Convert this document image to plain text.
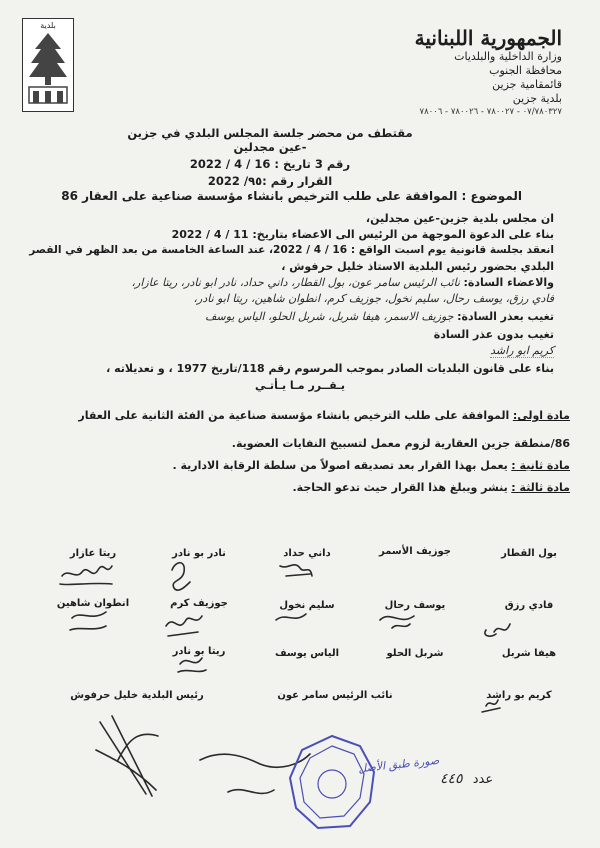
الجمهورية اللبنانية
وزارة الداخلية والبلديات
محافظة الجنوب
قائمقامية جزين
بلدية جزين
٠٧/٧٨٠٣٢٧ - ٧٨٠٠٢٧ - ٧٨٠٠٢٦ - ٧٨٠٠٦
بلدية
مقتطف من محضر جلسة المجلس البلدي في جزين -عين مجدلين
رقم 3 تاريخ : 16 / 4 / 2022
القرار رقم :٩٥/ 2022
الموضوع : الموافقة على طلب الترخيص بانشاء مؤسسة صناعية على العقار 86
ان مجلس بلدية جزين-عين مجدلين،
بناء على الدعوة الموجهة من الرئيس الى الاعضاء بتاريخ: 11 / 4 / 2022
انعقد بجلسة قانونية يوم اسبت الواقع : 16 / 4 / 2022، عند الساعة الخامسة من بعد الظهر في القصر
البلدي بحضور رئيس البلدية الاستاذ خليل حرفوش ،
والاعضاء السادة: نائب الرئيس سامر عون، بول القطار، داني حداد، نادر ابو نادر، ريتا عازار،
فادي رزق، يوسف رحال، سليم نخول، جوزيف كرم، انطوان شاهين، ريتا ابو نادر،
تغيب بعذر السادة: جوزيف الاسمر، هيفا شربل، شربل الحلو، الياس يوسف
تغيب بدون عذر السادة
كريم ابو راشد
بناء على قانون البلديات الصادر بموجب المرسوم رقم 118/تاريخ 1977 ، و تعديلاته ،
يـقــرر مـا يـأتـي
مادة اولى: الموافقة على طلب الترخيص بانشاء مؤسسة صناعية من الفئة الثانية على العقار
86/منطقة جزين العقارية لزوم معمل لتسبيخ النفايات العضوية.
مادة ثانية : يعمل بهذا القرار بعد تصديقه اصولاً من سلطة الرقابة الادارية .
مادة ثالثة : ينشر ويبلغ هذا القرار حيث تدعو الحاجة.
بول القطار
جوزيف الأسمر
داني حداد
نادر بو نادر
ريتا عازار
فادي رزق
يوسف رحال
سليم نخول
جوزيف كرم
انطوان شاهين
هيفا شربل
شربل الحلو
الياس يوسف
ريتا بو نادر
كريم بو راشد
نائب الرئيس سامر عون
رئيس البلدية خليل حرفوش
صورة طبق الأصل
عدد ٤٤٥
